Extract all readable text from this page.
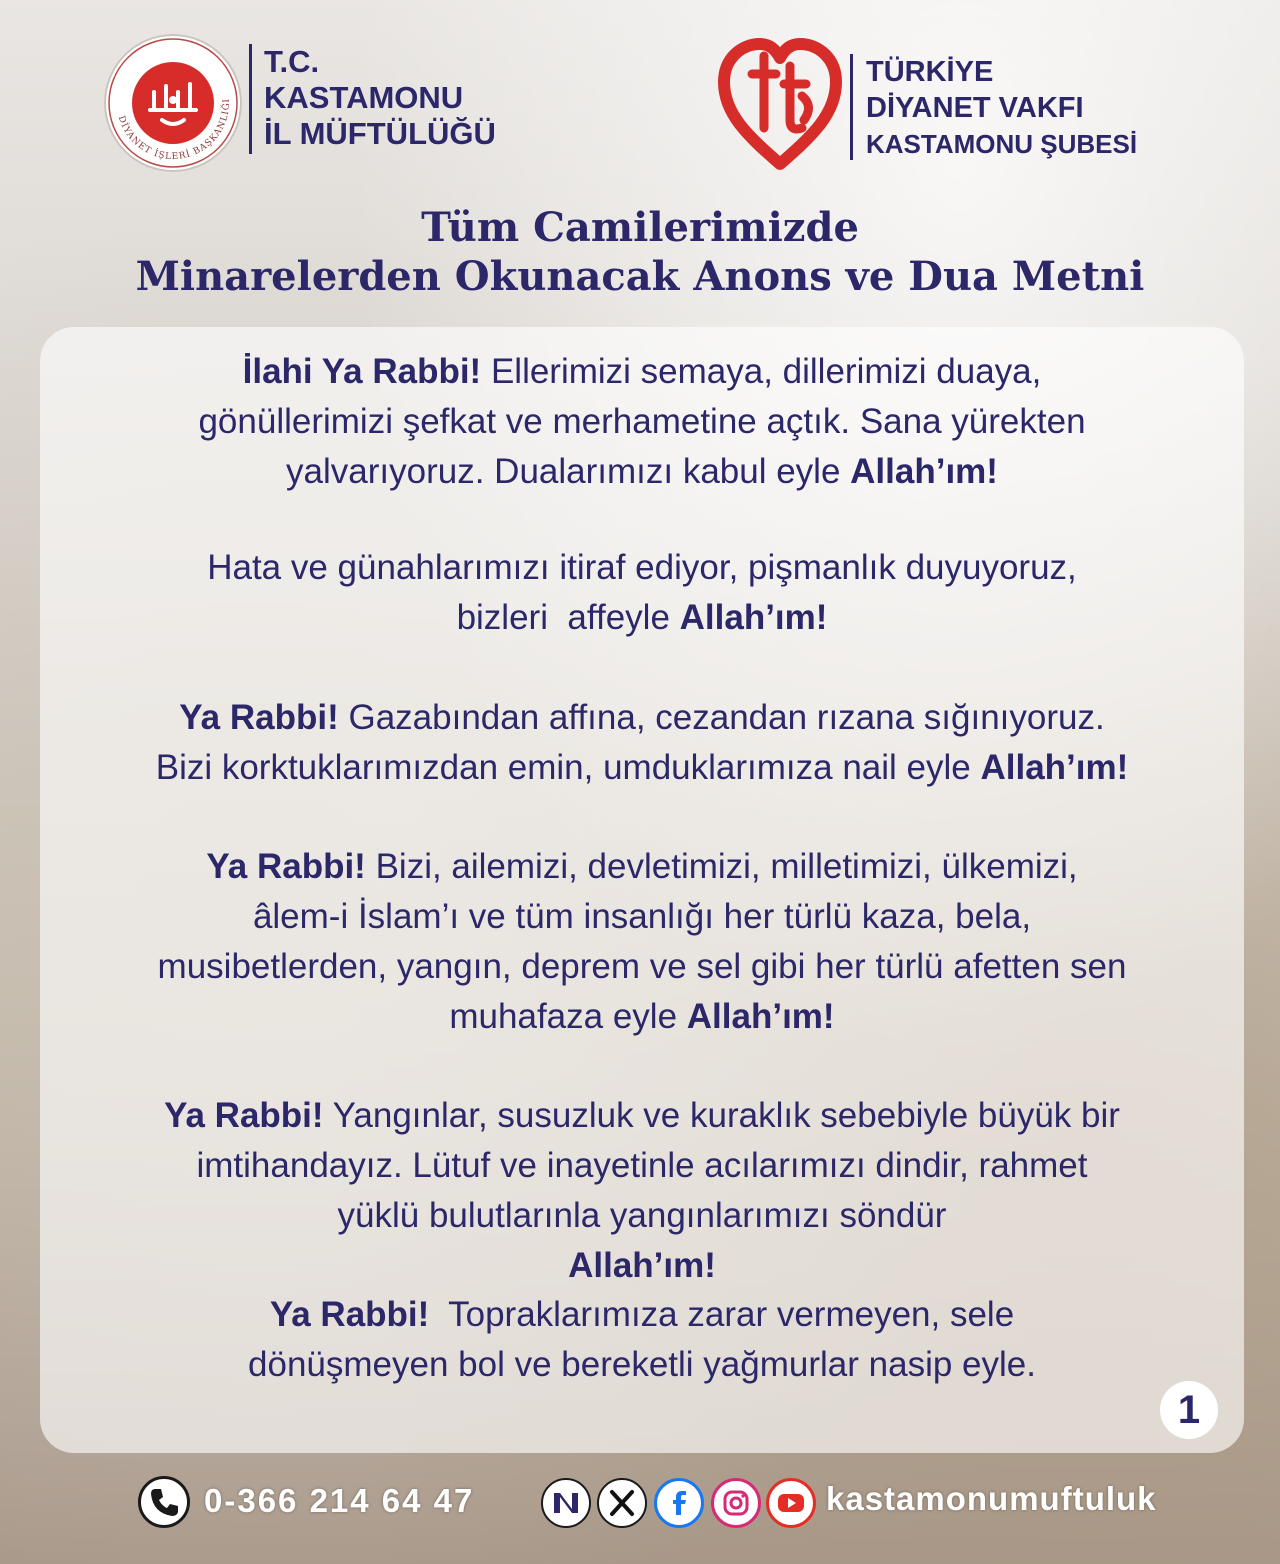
DİYANET İŞLERİ BAŞKANLIĞI
T.C.
KASTAMONU
İL MÜFTÜLÜĞÜ
TÜRKİYE
DİYANET VAKFI
KASTAMONU ŞUBESİ
Tüm Camilerimizde
Minarelerden Okunacak Anons ve Dua Metni
İlahi Ya Rabbi! Ellerimizi semaya, dillerimizi duaya,
gönüllerimizi şefkat ve merhametine açtık. Sana yürekten
yalvarıyoruz. Dualarımızı kabul eyle Allah’ım!
Hata ve günahlarımızı itiraf ediyor, pişmanlık duyuyoruz,
bizleri  affeyle Allah’ım!
Ya Rabbi! Gazabından affına, cezandan rızana sığınıyoruz.
Bizi korktuklarımızdan emin, umduklarımıza nail eyle Allah’ım!
Ya Rabbi! Bizi, ailemizi, devletimizi, milletimizi, ülkemizi,
âlem-i İslam’ı ve tüm insanlığı her türlü kaza, bela,
musibetlerden, yangın, deprem ve sel gibi her türlü afetten sen
muhafaza eyle Allah’ım!
Ya Rabbi! Yangınlar, susuzluk ve kuraklık sebebiyle büyük bir
imtihandayız. Lütuf ve inayetinle acılarımızı dindir, rahmet
yüklü bulutlarınla yangınlarımızı söndür
Allah’ım!
Ya Rabbi!  Topraklarımıza zarar vermeyen, sele
dönüşmeyen bol ve bereketli yağmurlar nasip eyle.
1
0-366 214 64 47	kastamonumuftuluk
